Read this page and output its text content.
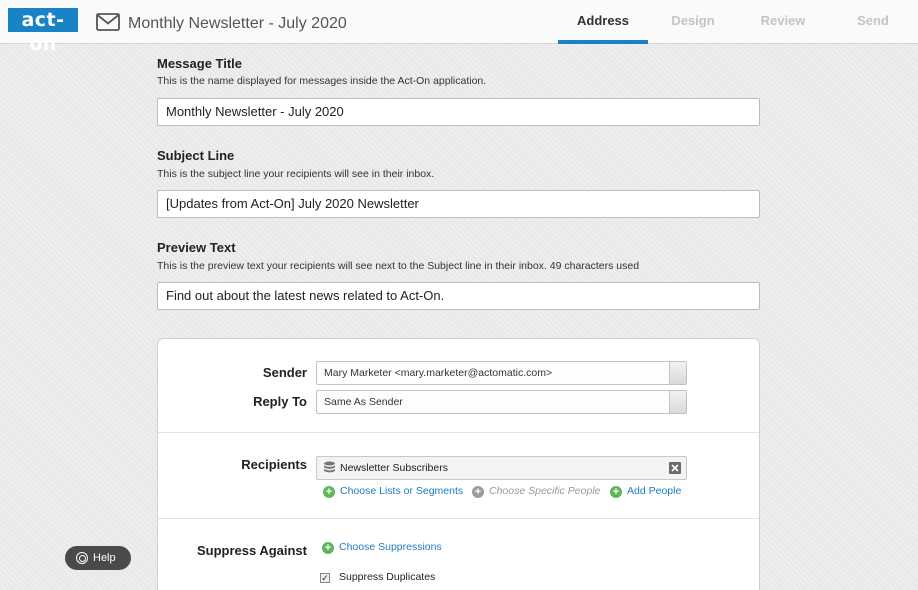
act-on
Monthly Newsletter - July 2020	Address	Design	Review	Send
Message Title
This is the name displayed for messages inside the Act-On application.
Monthly Newsletter - July 2020
Subject Line
This is the subject line your recipients will see in their inbox.
[Updates from Act-On] July 2020 Newsletter
Preview Text
This is the preview text your recipients will see next to the Subject line in their inbox. 49 characters used
Find out about the latest news related to Act-On.
Sender	Mary Marketer <mary.marketer@actomatic.com>
Reply To	Same As Sender
Recipients	Newsletter Subscribers
+ Choose Lists or Segments + Choose Specific People + Add People
Suppress Against + Choose Suppressions
✓ Suppress Duplicates
Help
